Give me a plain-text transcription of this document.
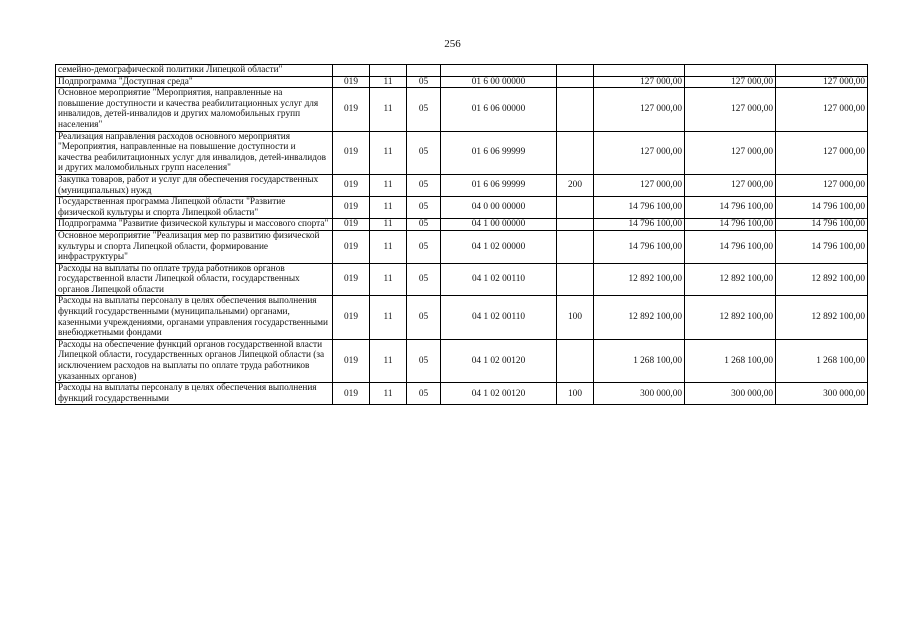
256
семейно-демографической политики Липецкой области"								
Подпрограмма "Доступная среда"	019	11	05	01 6 00 00000		127 000,00	127 000,00	127 000,00
Основное мероприятие "Мероприятия, направленные на повышение доступности и качества реабилитационных услуг для инвалидов, детей-инвалидов и других маломобильных групп населения"	019	11	05	01 6 06 00000		127 000,00	127 000,00	127 000,00
Реализация направления расходов основного мероприятия "Мероприятия, направленные на повышение доступности и качества реабилитационных услуг для инвалидов, детей-инвалидов и других маломобильных групп населения"	019	11	05	01 6 06 99999		127 000,00	127 000,00	127 000,00
Закупка товаров, работ и услуг для обеспечения государственных (муниципальных) нужд	019	11	05	01 6 06 99999	200	127 000,00	127 000,00	127 000,00
Государственная программа Липецкой области "Развитие физической культуры и спорта Липецкой области"	019	11	05	04 0 00 00000		14 796 100,00	14 796 100,00	14 796 100,00
Подпрограмма "Развитие физической культуры и массового спорта"	019	11	05	04 1 00 00000		14 796 100,00	14 796 100,00	14 796 100,00
Основное мероприятие "Реализация мер по развитию физической культуры и спорта Липецкой области, формирование инфраструктуры"	019	11	05	04 1 02 00000		14 796 100,00	14 796 100,00	14 796 100,00
Расходы на выплаты по оплате труда работников органов государственной власти Липецкой области, государственных органов Липецкой области	019	11	05	04 1 02 00110		12 892 100,00	12 892 100,00	12 892 100,00
Расходы на выплаты персоналу в целях обеспечения выполнения функций государственными (муниципальными) органами, казенными учреждениями, органами управления государственными внебюджетными фондами	019	11	05	04 1 02 00110	100	12 892 100,00	12 892 100,00	12 892 100,00
Расходы на обеспечение функций органов государственной власти Липецкой области, государственных органов Липецкой области (за исключением расходов на выплаты по оплате труда работников указанных органов)	019	11	05	04 1 02 00120		1 268 100,00	1 268 100,00	1 268 100,00
Расходы на выплаты персоналу в целях обеспечения выполнения функций государственными	019	11	05	04 1 02 00120	100	300 000,00	300 000,00	300 000,00
